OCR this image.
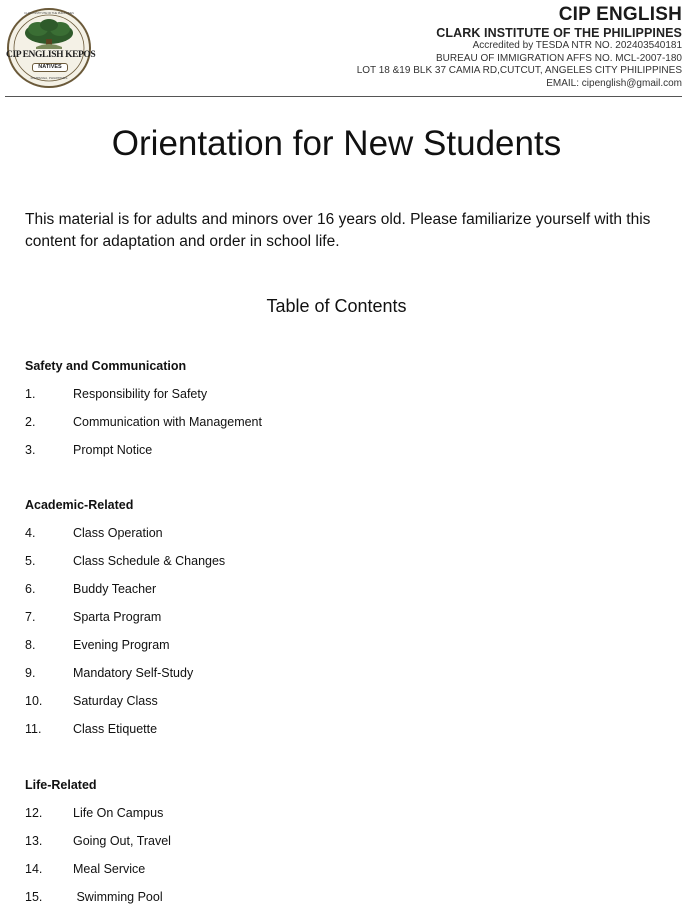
CIP ENGLISH KEPOS
NATIVES
CLARK INSTITUTE OF THE PHILIPPINES
PAMPANGA, PHILIPPINES
CIP ENGLISH
CLARK INSTITUTE OF THE PHILIPPINES
Accredited by TESDA NTR NO. 202403540181
BUREAU OF IMMIGRATION AFFS NO. MCL-2007-180
LOT 18 &19 BLK 37 CAMIA RD,CUTCUT, ANGELES CITY PHILIPPINES
EMAIL: cipenglish@gmail.com
Orientation for New Students
This material is for adults and minors over 16 years old. Please familiarize yourself with this content for adaptation and order in school life.
Table of Contents
Safety and Communication
1.	Responsibility for Safety
2.	Communication with Management
3.	Prompt Notice
Academic-Related
4.	Class Operation
5.	Class Schedule & Changes
6.	Buddy Teacher
7.	Sparta Program
8.	Evening Program
9.	Mandatory Self-Study
10. Saturday Class
11.	Class Etiquette
Life-Related
12. Life On Campus
13. Going Out, Travel
14. Meal Service
15. Swimming Pool
